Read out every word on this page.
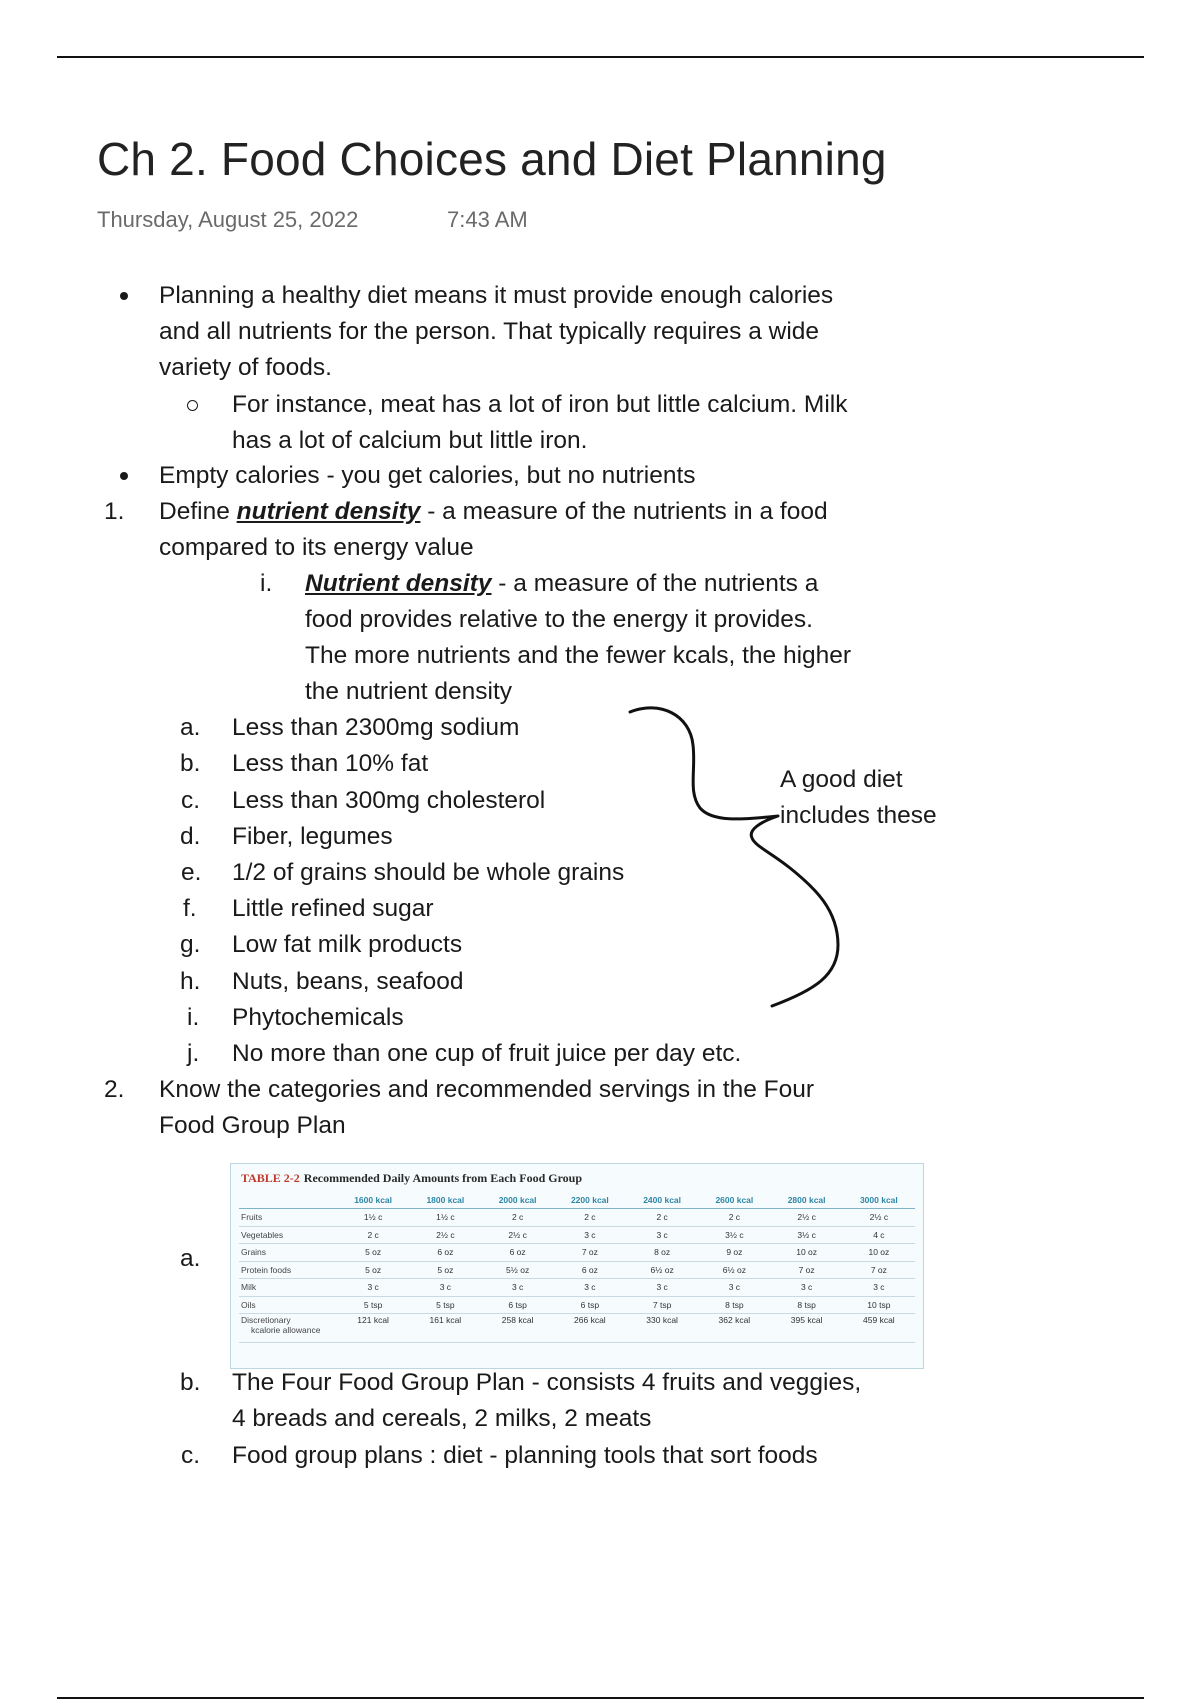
Ch 2. Food Choices and Diet Planning
Thursday, August 25, 2022	7:43 AM
Planning a healthy diet means it must provide enough calories
and all nutrients for the person. That typically requires a wide
variety of foods.
For instance, meat has a lot of iron but little calcium. Milk
has a lot of calcium but little iron.
Empty calories - you get calories, but no nutrients
1. Define nutrient density - a measure of the nutrients in a food
compared to its energy value
i. Nutrient density - a measure of the nutrients a
food provides relative to the energy it provides.
The more nutrients and the fewer kcals, the higher
the nutrient density
a. Less than 2300mg sodium
b. Less than 10% fat
c. Less than 300mg cholesterol
d. Fiber, legumes
e. 1/2 of grains should be whole grains
f. Little refined sugar
g. Low fat milk products
h. Nuts, beans, seafood
i. Phytochemicals
j. No more than one cup of fruit juice per day etc.
A good diet
includes these
2. Know the categories and recommended servings in the Four
Food Group Plan
a.
TABLE 2-2 Recommended Daily Amounts from Each Food Group
	1600 kcal	1800 kcal	2000 kcal	2200 kcal	2400 kcal	2600 kcal	2800 kcal	3000 kcal
Fruits	1½ c	1½ c	2 c	2 c	2 c	2 c	2½ c	2½ c
Vegetables	2 c	2½ c	2½ c	3 c	3 c	3½ c	3½ c	4 c
Grains	5 oz	6 oz	6 oz	7 oz	8 oz	9 oz	10 oz	10 oz
Protein foods	5 oz	5 oz	5½ oz	6 oz	6½ oz	6½ oz	7 oz	7 oz
Milk	3 c	3 c	3 c	3 c	3 c	3 c	3 c	3 c
Oils	5 tsp	5 tsp	6 tsp	6 tsp	7 tsp	8 tsp	8 tsp	10 tsp
Discretionary
kcalorie allowance	121 kcal	161 kcal	258 kcal	266 kcal	330 kcal	362 kcal	395 kcal	459 kcal
b. The Four Food Group Plan - consists 4 fruits and veggies,
4 breads and cereals, 2 milks, 2 meats
c. Food group plans : diet - planning tools that sort foods
